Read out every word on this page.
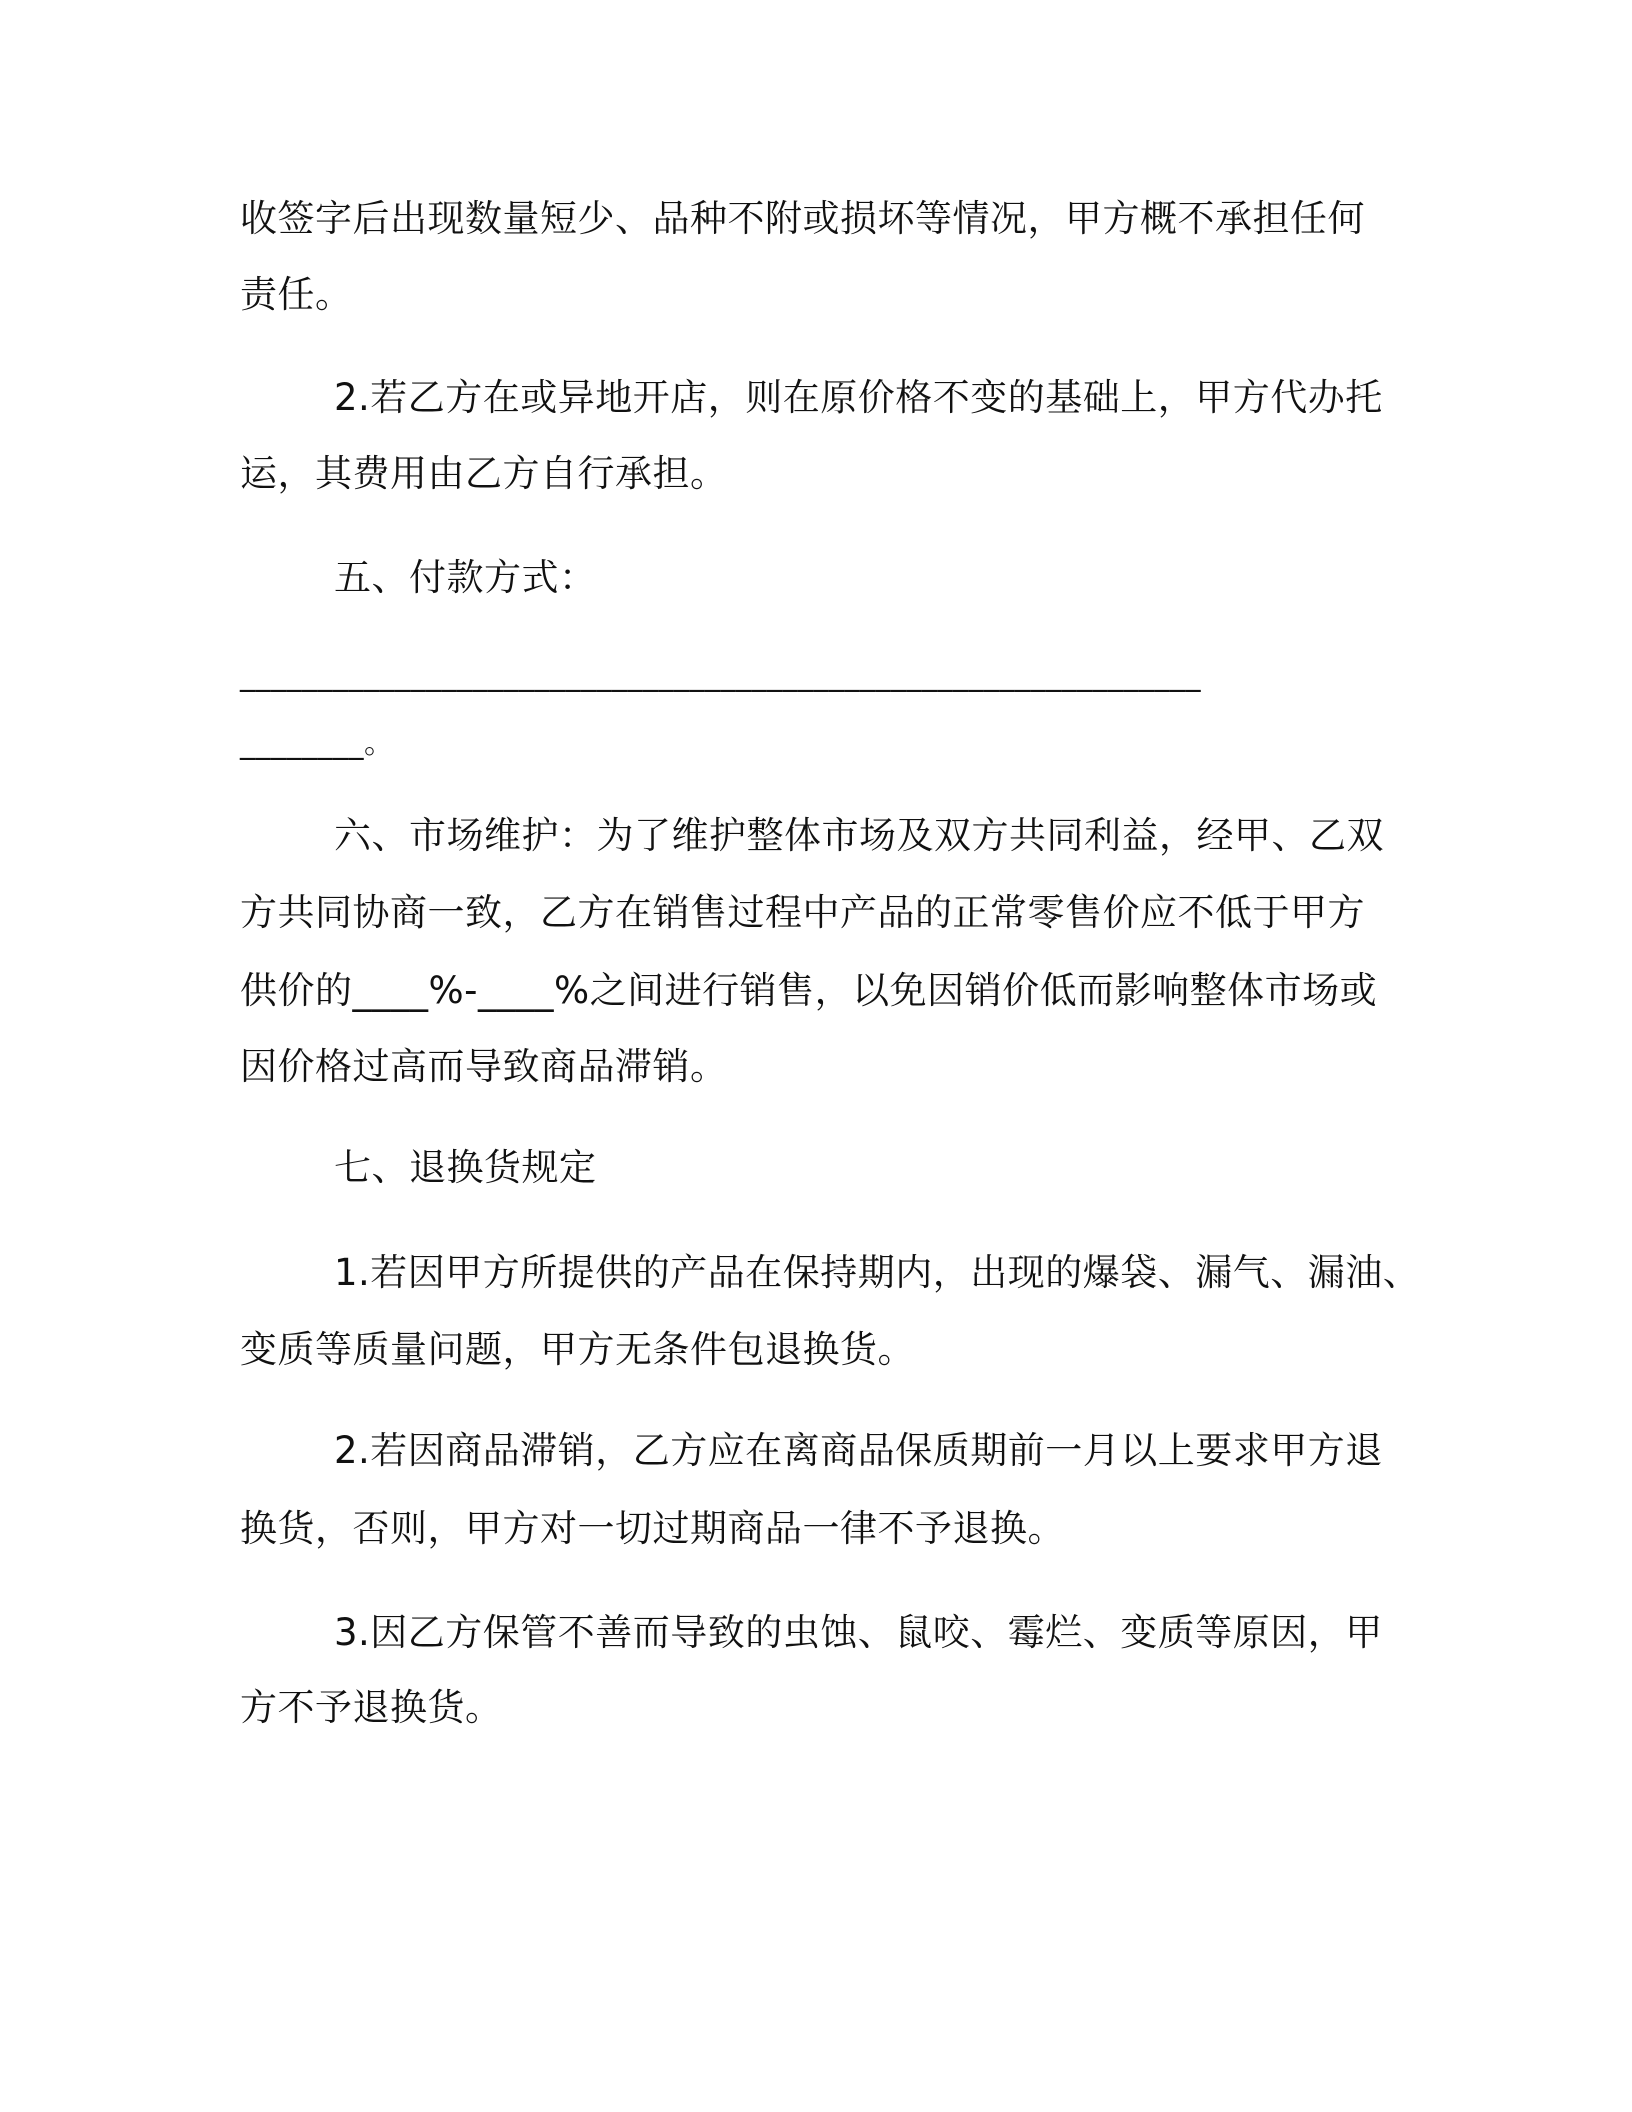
收签字后出现数量短少、品种不附或损坏等情况，甲方概不承担任何
责任。
2.若乙方在或异地开店，则在原价格不变的基础上，甲方代办托
运，其费用由乙方自行承担。
五、付款方式：
______________________________________________________________
________。
六、市场维护：为了维护整体市场及双方共同利益，经甲、乙双
方共同协商一致，乙方在销售过程中产品的正常零售价应不低于甲方
供价的____%-____%之间进行销售，以免因销价低而影响整体市场或
因价格过高而导致商品滞销。
七、退换货规定
1.若因甲方所提供的产品在保持期内，出现的爆袋、漏气、漏油、
变质等质量问题，甲方无条件包退换货。
2.若因商品滞销，乙方应在离商品保质期前一月以上要求甲方退
换货，否则，甲方对一切过期商品一律不予退换。
3.因乙方保管不善而导致的虫蚀、鼠咬、霉烂、变质等原因，甲
方不予退换货。
